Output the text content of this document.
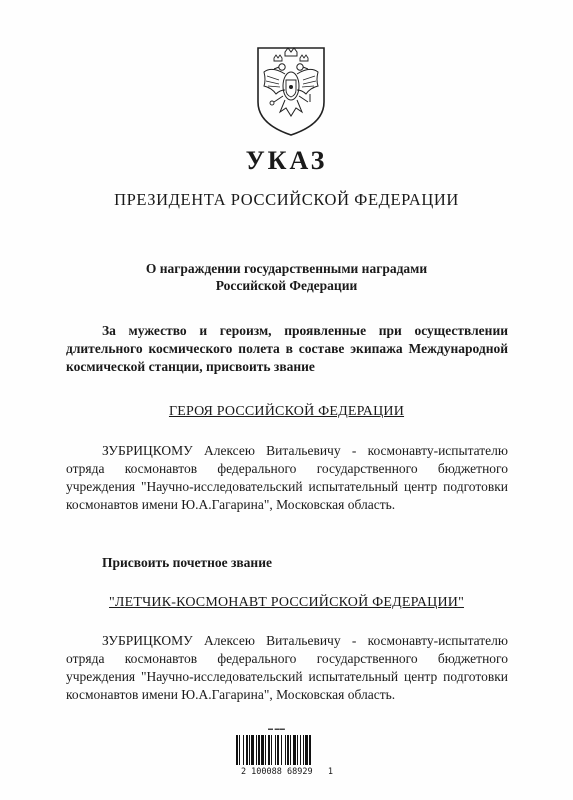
УКАЗ
ПРЕЗИДЕНТА РОССИЙСКОЙ ФЕДЕРАЦИИ
О награждении государственными наградами
Российской Федерации
За мужество и героизм, проявленные при осуществлении длительного космического полета в составе экипажа Международной космической станции, присвоить звание
ГЕРОЯ РОССИЙСКОЙ ФЕДЕРАЦИИ
ЗУБРИЦКОМУ Алексею Витальевичу - космонавту-испытателю отряда космонавтов федерального государственного бюджетного учреждения "Научно-исследовательский испытательный центр подготовки космонавтов имени Ю.А.Гагарина", Московская область.
Присвоить почетное звание
"ЛЕТЧИК-КОСМОНАВТ РОССИЙСКОЙ ФЕДЕРАЦИИ"
ЗУБРИЦКОМУ Алексею Витальевичу - космонавту-испытателю отряда космонавтов федерального государственного бюджетного учреждения "Научно-исследовательский испытательный центр подготовки космонавтов имени Ю.А.Гагарина", Московская область.
▬ ▬▬
2 100088 68929   1
